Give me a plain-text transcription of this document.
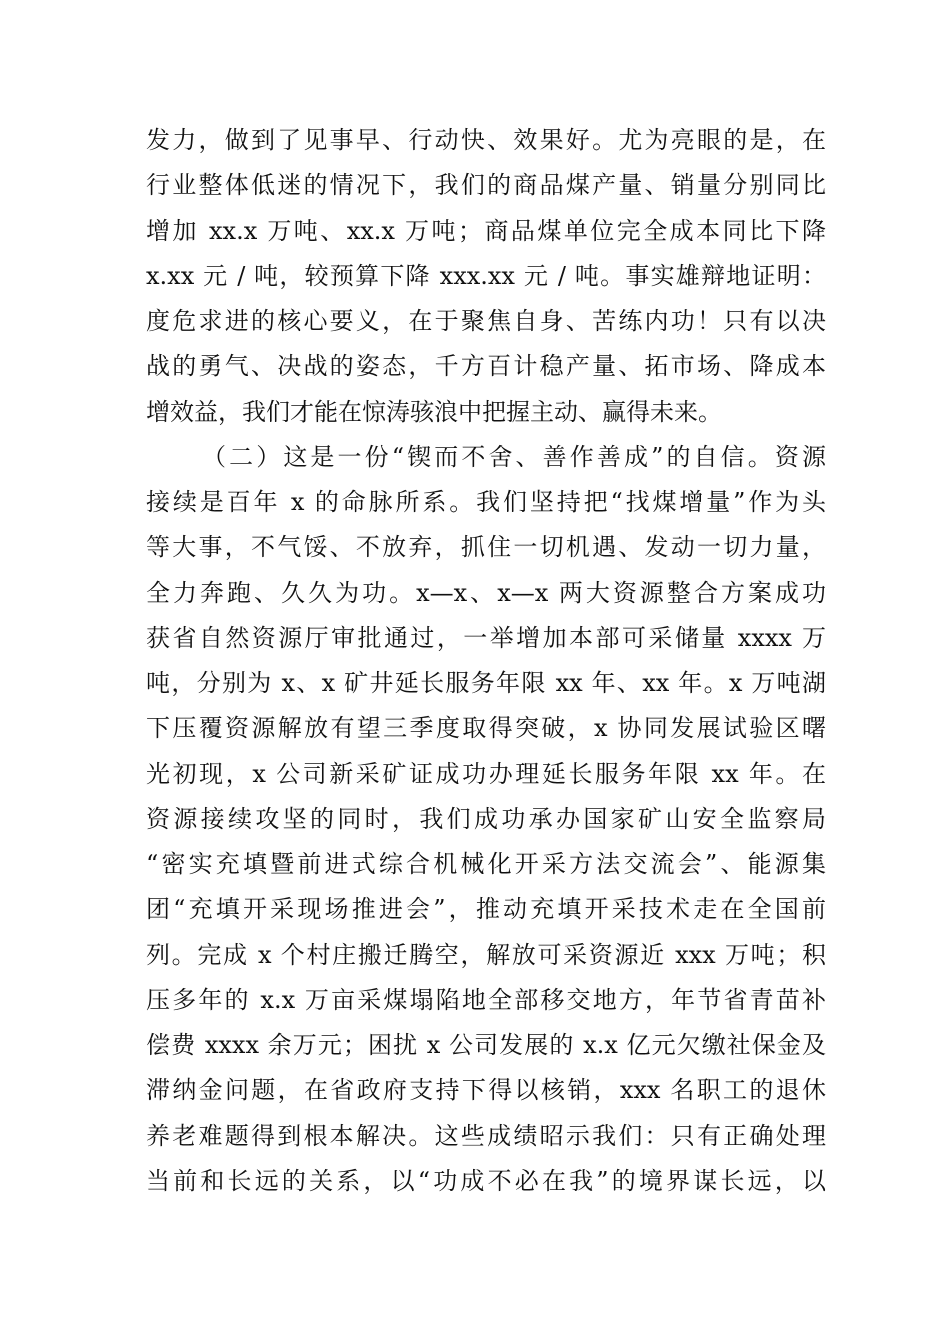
发力，做到了见事早、行动快、效果好。尤为亮眼的是，在
行业整体低迷的情况下，我们的商品煤产量、销量分别同比
增加 xx.x 万吨、xx.x 万吨；商品煤单位完全成本同比下降
x.xx 元 / 吨，较预算下降 xxx.xx 元 / 吨。事实雄辩地证明：
度危求进的核心要义，在于聚焦自身、苦练内功！只有以决
战的勇气、决战的姿态，千方百计稳产量、拓市场、降成本
增效益，我们才能在惊涛骇浪中把握主动、赢得未来。
（二）这是一份“锲而不舍、善作善成”的自信。资源
接续是百年 x 的命脉所系。我们坚持把“找煤增量”作为头
等大事，不气馁、不放弃，抓住一切机遇、发动一切力量，
全力奔跑、久久为功。x—x、x—x 两大资源整合方案成功
获省自然资源厅审批通过，一举增加本部可采储量 xxxx 万
吨，分别为 x、x 矿井延长服务年限 xx 年、xx 年。x 万吨湖
下压覆资源解放有望三季度取得突破，x 协同发展试验区曙
光初现，x 公司新采矿证成功办理延长服务年限 xx 年。在
资源接续攻坚的同时，我们成功承办国家矿山安全监察局
“密实充填暨前进式综合机械化开采方法交流会”、能源集
团“充填开采现场推进会”，推动充填开采技术走在全国前
列。完成 x 个村庄搬迁腾空，解放可采资源近 xxx 万吨；积
压多年的 x.x 万亩采煤塌陷地全部移交地方，年节省青苗补
偿费 xxxx 余万元；困扰 x 公司发展的 x.x 亿元欠缴社保金及
滞纳金问题，在省政府支持下得以核销，xxx 名职工的退休
养老难题得到根本解决。这些成绩昭示我们：只有正确处理
当前和长远的关系，以“功成不必在我”的境界谋长远，以
